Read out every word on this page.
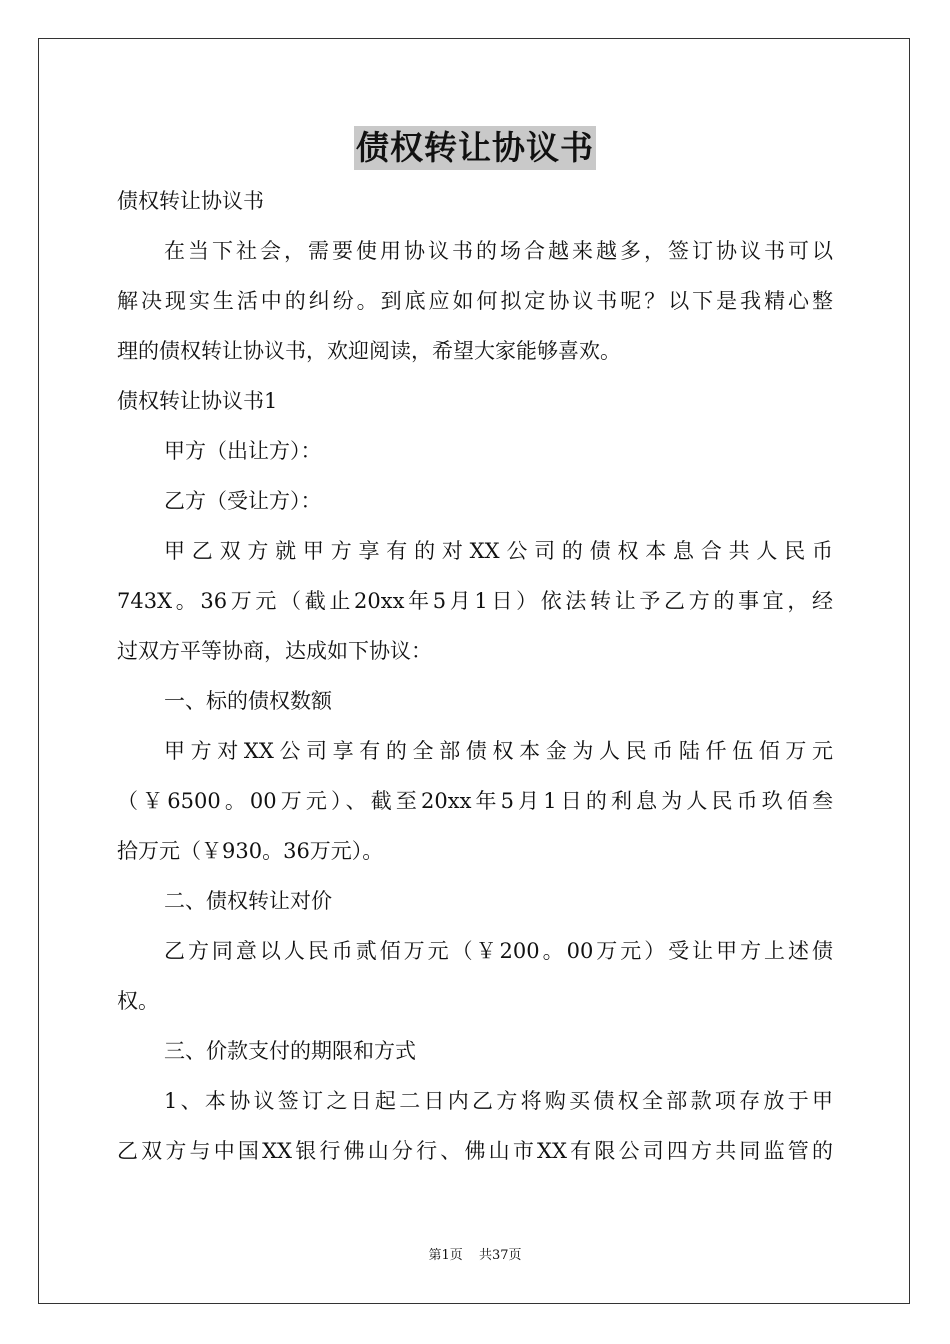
债权转让协议书
债权转让协议书
在当下社会，需要使用协议书的场合越来越多，签订协议书可以
解决现实生活中的纠纷。到底应如何拟定协议书呢？以下是我精心整
理的债权转让协议书，欢迎阅读，希望大家能够喜欢。
债权转让协议书1
甲方（出让方）：
乙方（受让方）：
甲乙双方就甲方享有的对XX公司的债权本息合共人民币
743X。36万元（截止20xx年5月1日）依法转让予乙方的事宜，经
过双方平等协商，达成如下协议：
一、标的债权数额
甲方对XX公司享有的全部债权本金为人民币陆仟伍佰万元
（￥6500。00万元）、截至20xx年5月1日的利息为人民币玖佰叁
拾万元（￥930。36万元）。
二、债权转让对价
乙方同意以人民币贰佰万元（￥200。00万元）受让甲方上述债
权。
三、价款支付的期限和方式
1、本协议签订之日起二日内乙方将购买债权全部款项存放于甲
乙双方与中国XX银行佛山分行、佛山市XX有限公司四方共同监管的
第1页 共37页
